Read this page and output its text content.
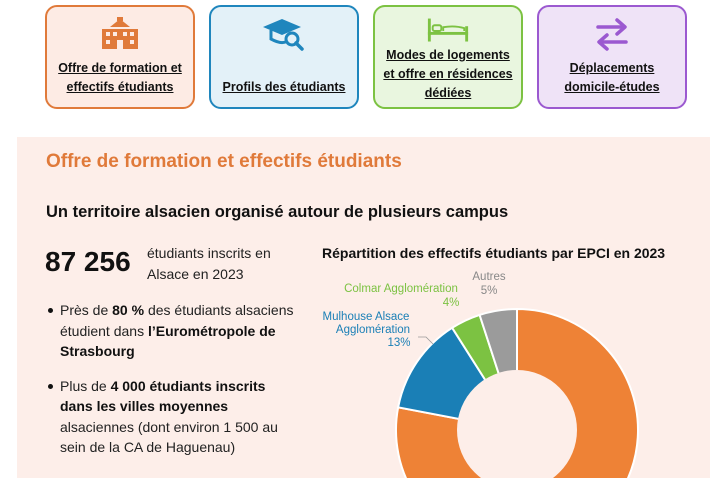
Offre de formation et effectifs étudiants	Profils des étudiants
Modes de logements et offre en résidences dédiées
Déplacements domicile-études
Offre de formation et effectifs étudiants
Un territoire alsacien organisé autour de plusieurs campus
87 256 étudiants inscrits en Alsace en 2023
Près de 80 % des étudiants alsaciens étudient dans l’Eurométropole de Strasbourg
Plus de 4 000 étudiants inscrits dans les villes moyennes alsaciennes (dont environ 1 500 au sein de la CA de Haguenau)
Répartition des effectifs étudiants par EPCI en 2023
Colmar Agglomération
4%
Autres
5%
Mulhouse Alsace
Agglomération
13%
